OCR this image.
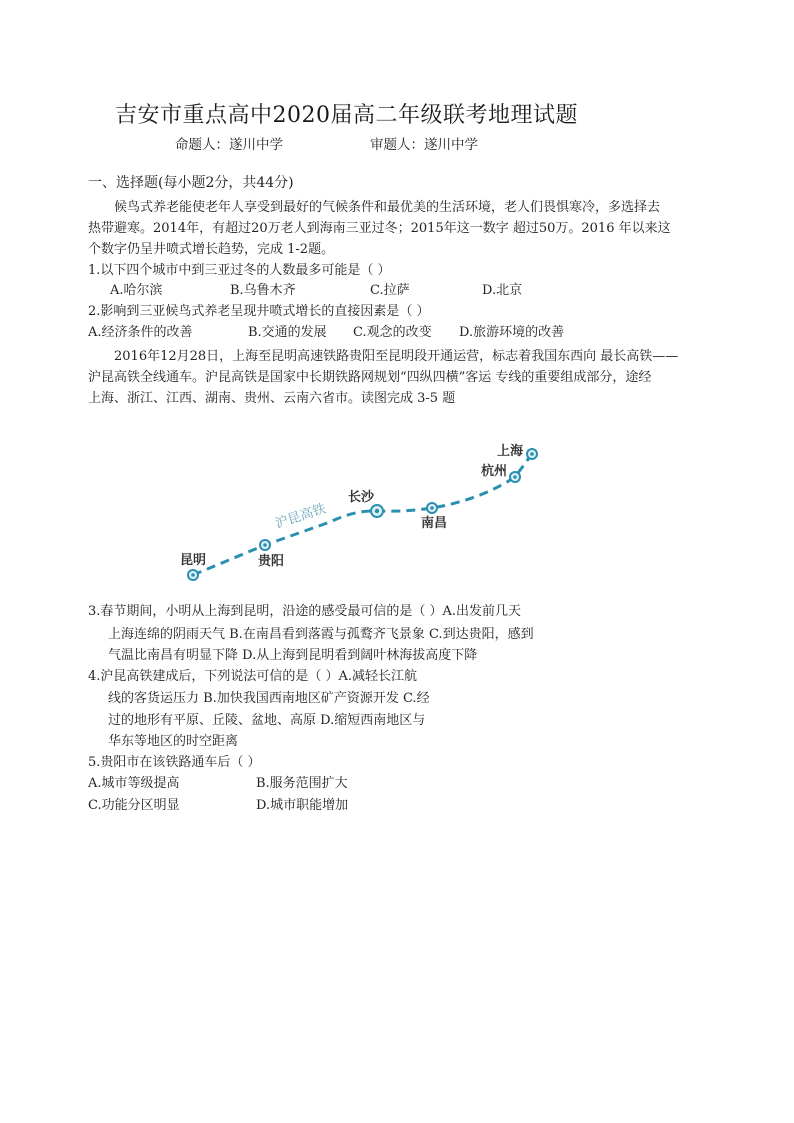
吉安市重点高中2020届高二年级联考地理试题
命题人：遂川中学	审题人：遂川中学
一、选择题(每小题2分，共44分)
候鸟式养老能使老年人享受到最好的气候条件和最优美的生活环境，老人们畏惧寒冷，多选择去
热带避寒。2014年，有超过20万老人到海南三亚过冬；2015年这一数字 超过50万。2016 年以来这
个数字仍呈井喷式增长趋势，完成 1-2题。
1.以下四个城市中到三亚过冬的人数最多可能是（ ）
A.哈尔滨	B.乌鲁木齐	C.拉萨	D.北京
2.影响到三亚候鸟式养老呈现井喷式增长的直接因素是（ ）
A.经济条件的改善	B.交通的发展 C.观念的改变 D.旅游环境的改善
2016年12月28日，上海至昆明高速铁路贵阳至昆明段开通运营，标志着我国东西向 最长高铁——
沪昆高铁全线通车。沪昆高铁是国家中长期铁路网规划“四纵四横”客运 专线的重要组成部分，途经
上海、浙江、江西、湖南、贵州、云南六省市。读图完成 3-5 题
沪昆高铁
昆明	贵阳
长沙
南昌
杭州
上海
3.春节期间，小明从上海到昆明，沿途的感受最可信的是（ ）A.出发前几天
上海连绵的阴雨天气 B.在南昌看到落霞与孤鹜齐飞景象 C.到达贵阳，感到
气温比南昌有明显下降 D.从上海到昆明看到阔叶林海拔高度下降
4.沪昆高铁建成后，下列说法可信的是（ ）A.减轻长江航
线的客货运压力 B.加快我国西南地区矿产资源开发 C.经
过的地形有平原、丘陵、盆地、高原 D.缩短西南地区与
华东等地区的时空距离
5.贵阳市在该铁路通车后（ ）
A.城市等级提高	B.服务范围扩大
C.功能分区明显	D.城市职能增加
